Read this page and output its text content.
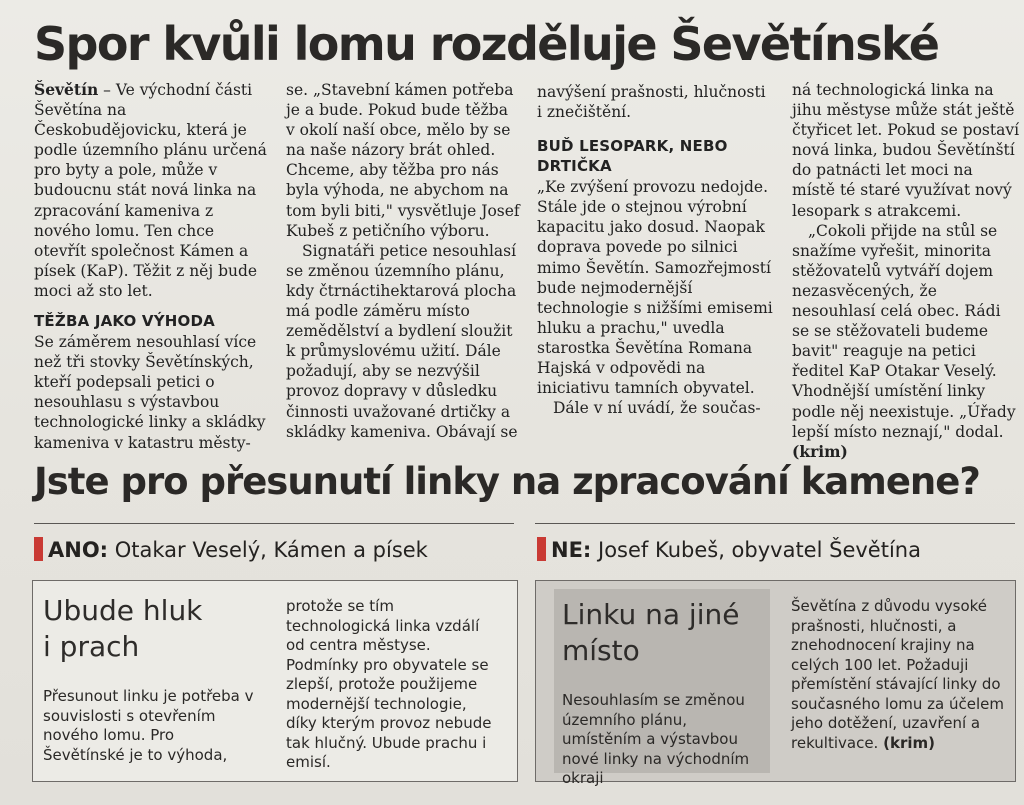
Spor kvůli lomu rozděluje Ševětínské

Ševětín – Ve východní části Ševětína na Českobudějovicku, která je podle územního plánu určená pro byty a pole, může v budoucnu stát nová linka na zpracování kameniva z nového lomu. Ten chce otevřít společnost Kámen a písek (KaP). Těžit z něj bude moci až sto let.

TĚŽBA JAKO VÝHODA

Se záměrem nesouhlasí více než tři stovky Ševětínských, kteří podepsali petici o nesouhlasu s výstavbou technologické linky a skládky kameniva v katastru městy-

se. „Stavební kámen potřeba je a bude. Pokud bude těžba v okolí naší obce, mělo by se na naše názory brát ohled. Chceme, aby těžba pro nás byla výhoda, ne abychom na tom byli biti," vysvětluje Josef Kubeš z petičního výboru.

Signatáři petice nesouhlasí se změnou územního plánu, kdy čtrnáctihektarová plocha má podle záměru místo zemědělství a bydlení sloužit k průmyslovému užití. Dále požadují, aby se nezvýšil provoz dopravy v důsledku činnosti uvažované drtičky a skládky kameniva. Obávají se

navýšení prašnosti, hlučnosti i znečištění.

BUĎ LESOPARK, NEBO DRTIČKA

„Ke zvýšení provozu nedojde. Stále jde o stejnou výrobní kapacitu jako dosud. Naopak doprava povede po silnici mimo Ševětín. Samozřejmostí bude nejmodernější technologie s nižšími emisemi hluku a prachu," uvedla starostka Ševětína Romana Hajská v odpovědi na iniciativu tamních obyvatel.

Dále v ní uvádí, že součas-

ná technologická linka na jihu městyse může stát ještě čtyřicet let. Pokud se postaví nová linka, budou Ševětínští do patnácti let moci na místě té staré využívat nový lesopark s atrakcemi.

„Cokoli přijde na stůl se snažíme vyřešit, minorita stěžovatelů vytváří dojem nezasvěcených, že nesouhlasí celá obec. Rádi se se stěžovateli budeme bavit" reaguje na petici ředitel KaP Otakar Veselý. Vhodnější umístění linky podle něj neexistuje. „Úřady lepší místo neznají," dodal. (krim)

Jste pro přesunutí linky na zpracování kamene?
ANO: Otakar Veselý, Kámen a písek	NE: Josef Kubeš, obyvatel Ševětína
Ubude hluk
i prach

Přesunout linku je potřeba v souvislosti s otevřením nového lomu. Pro Ševětínské je to výhoda,

protože se tím technologická linka vzdálí od centra městyse. Podmínky pro obyvatele se zlepší, protože použijeme modernější technologie, díky kterým provoz nebude tak hlučný. Ubude prachu i emisí.

Linku na jiné
místo

Nesouhlasím se změnou územního plánu, umístěním a výstavbou nové linky na východním okraji

Ševětína z důvodu vysoké prašnosti, hlučnosti, a znehodnocení krajiny na celých 100 let. Požaduji přemístění stávající linky do současného lomu za účelem jeho dotěžení, uzavření a rekultivace. (krim)
